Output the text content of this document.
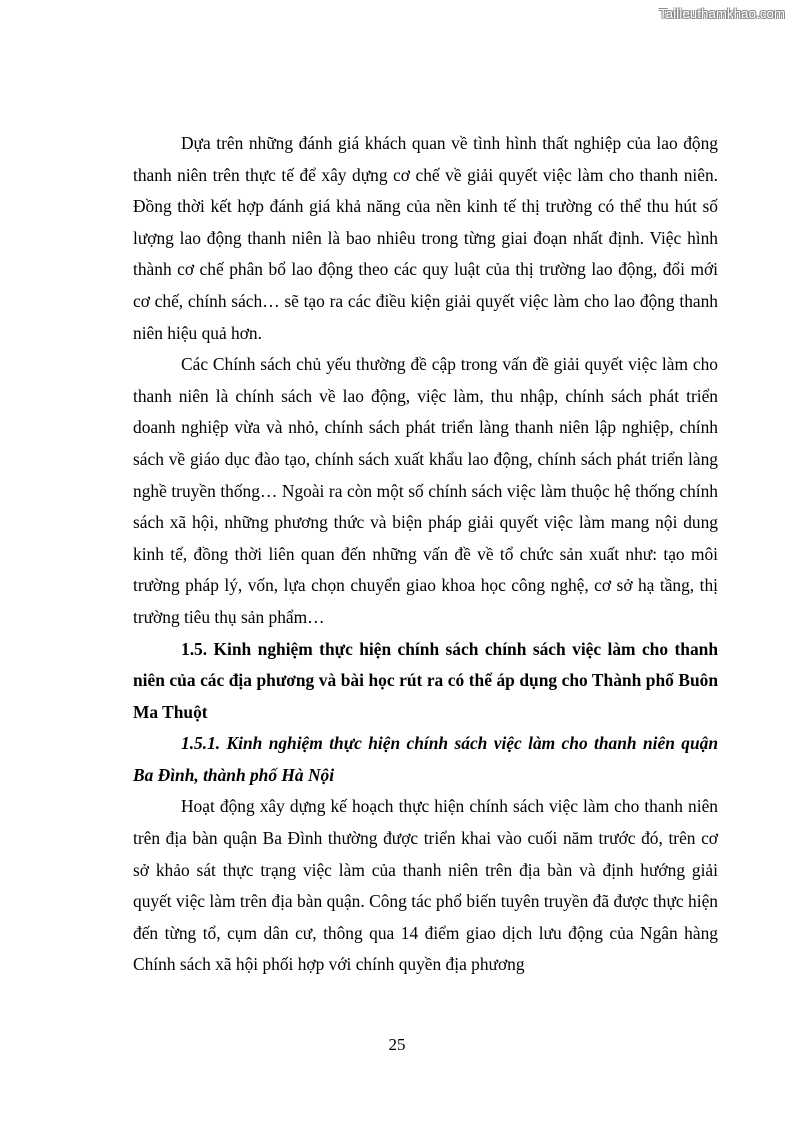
Tailieuthamkhao.com

Dựa trên những đánh giá khách quan về tình hình thất nghiệp của lao động thanh niên trên thực tế để xây dựng cơ chế về giải quyết việc làm cho thanh niên. Đồng thời kết hợp đánh giá khả năng của nền kinh tế thị trường có thể thu hút số lượng lao động thanh niên là bao nhiêu trong từng giai đoạn nhất định. Việc hình thành cơ chế phân bổ lao động theo các quy luật của thị trường lao động, đổi mới cơ chế, chính sách… sẽ tạo ra các điều kiện giải quyết việc làm cho lao động thanh niên hiệu quả hơn.

Các Chính sách chủ yếu thường đề cập trong vấn đề giải quyết việc làm cho thanh niên là chính sách về lao động, việc làm, thu nhập, chính sách phát triển doanh nghiệp vừa và nhỏ, chính sách phát triển làng thanh niên lập nghiệp, chính sách về giáo dục đào tạo, chính sách xuất khẩu lao động, chính sách phát triển làng nghề truyền thống… Ngoài ra còn một số chính sách việc làm thuộc hệ thống chính sách xã hội, những phương thức và biện pháp giải quyết việc làm mang nội dung kinh tế, đồng thời liên quan đến những vấn đề về tổ chức sản xuất như: tạo môi trường pháp lý, vốn, lựa chọn chuyển giao khoa học công nghệ, cơ sở hạ tầng, thị trường tiêu thụ sản phẩm…

1.5. Kinh nghiệm thực hiện chính sách chính sách việc làm cho thanh niên của các địa phương và bài học rút ra có thể áp dụng cho Thành phố Buôn Ma Thuột

1.5.1. Kinh nghiệm thực hiện chính sách việc làm cho thanh niên quận Ba Đình, thành phố Hà Nội

Hoạt động xây dựng kế hoạch thực hiện chính sách việc làm cho thanh niên trên địa bàn quận Ba Đình thường được triển khai vào cuối năm trước đó, trên cơ sở khảo sát thực trạng việc làm của thanh niên trên địa bàn và định hướng giải quyết việc làm trên địa bàn quận. Công tác phổ biến tuyên truyền đã được thực hiện đến từng tổ, cụm dân cư, thông qua 14 điểm giao dịch lưu động của Ngân hàng Chính sách xã hội phối hợp với chính quyền địa phương

25
